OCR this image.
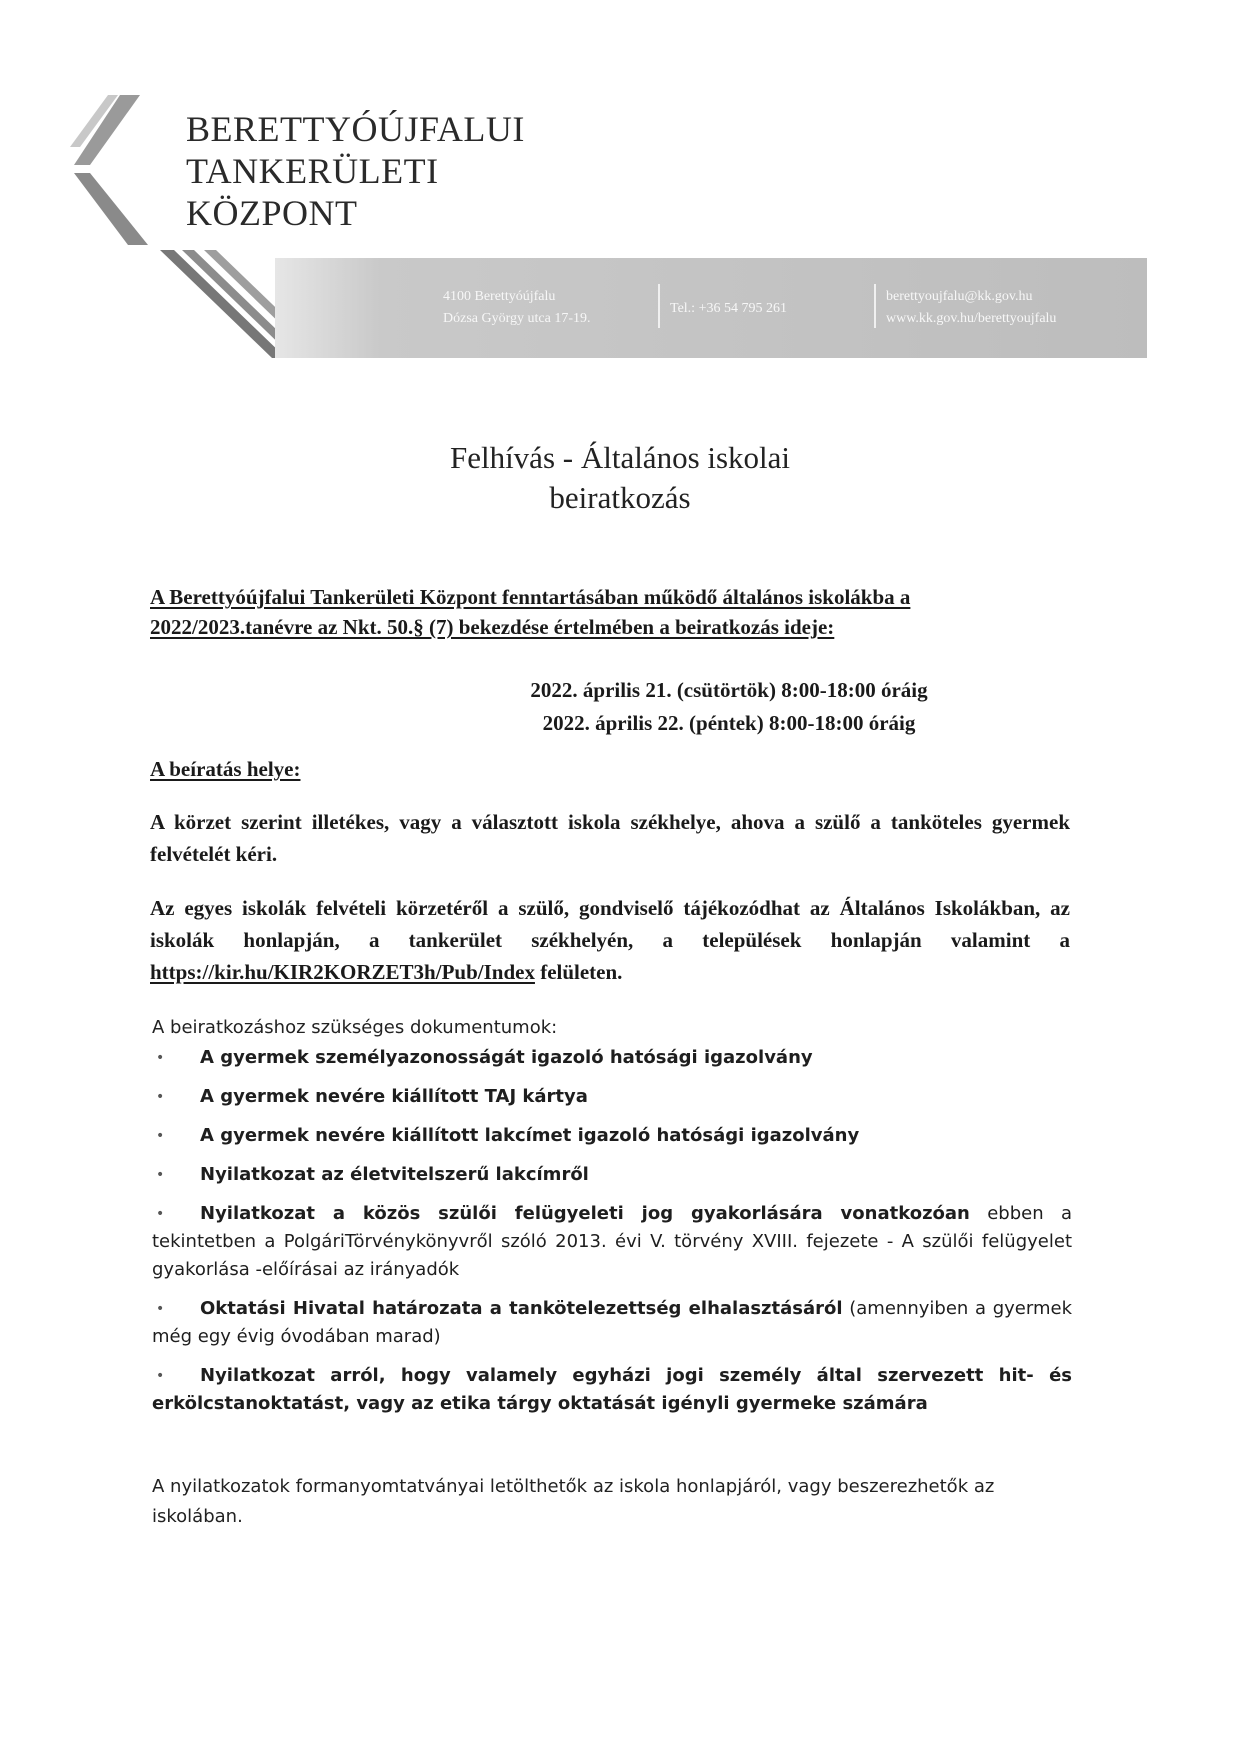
BERETTYÓÚJFALUI
TANKERÜLETI
KÖZPONT
4100 Berettyóújfalu
Dózsa György utca 17-19.
Tel.: +36 54 795 261
berettyoujfalu@kk.gov.hu
www.kk.gov.hu/berettyoujfalu
Felhívás - Általános iskolai
beiratkozás
A Berettyóújfalui Tankerületi Központ fenntartásában működő általános iskolákba a 2022/2023.tanévre az Nkt. 50.§ (7) bekezdése értelmében a beiratkozás ideje:
2022. április 21. (csütörtök) 8:00-18:00 óráig
2022. április 22. (péntek) 8:00-18:00 óráig
A beíratás helye:
A körzet szerint illetékes, vagy a választott iskola székhelye, ahova a szülő a tanköteles gyermek felvételét kéri.
Az egyes iskolák felvételi körzetéről a szülő, gondviselő tájékozódhat az Általános Iskolákban, az iskolák honlapján, a tankerület székhelyén, a települések honlapján valamint a https://kir.hu/KIR2KORZET3h/Pub/Index felületen.
A beiratkozáshoz szükséges dokumentumok:
• A gyermek személyazonosságát igazoló hatósági igazolvány
• A gyermek nevére kiállított TAJ kártya
• A gyermek nevére kiállított lakcímet igazoló hatósági igazolvány
• Nyilatkozat az életvitelszerű lakcímről
• Nyilatkozat a közös szülői felügyeleti jog gyakorlására vonatkozóan ebben a tekintetben a PolgáriTörvénykönyvről szóló 2013. évi V. törvény XVIII. fejezete - A szülői felügyelet gyakorlása -előírásai az irányadók
• Oktatási Hivatal határozata a tankötelezettség elhalasztásáról (amennyiben a gyermek még egy évig óvodában marad)
• Nyilatkozat arról, hogy valamely egyházi jogi személy által szervezett hit- és erkölcstanoktatást, vagy az etika tárgy oktatását igényli gyermeke számára
A nyilatkozatok formanyomtatványai letölthetők az iskola honlapjáról, vagy beszerezhetők az iskolában.
